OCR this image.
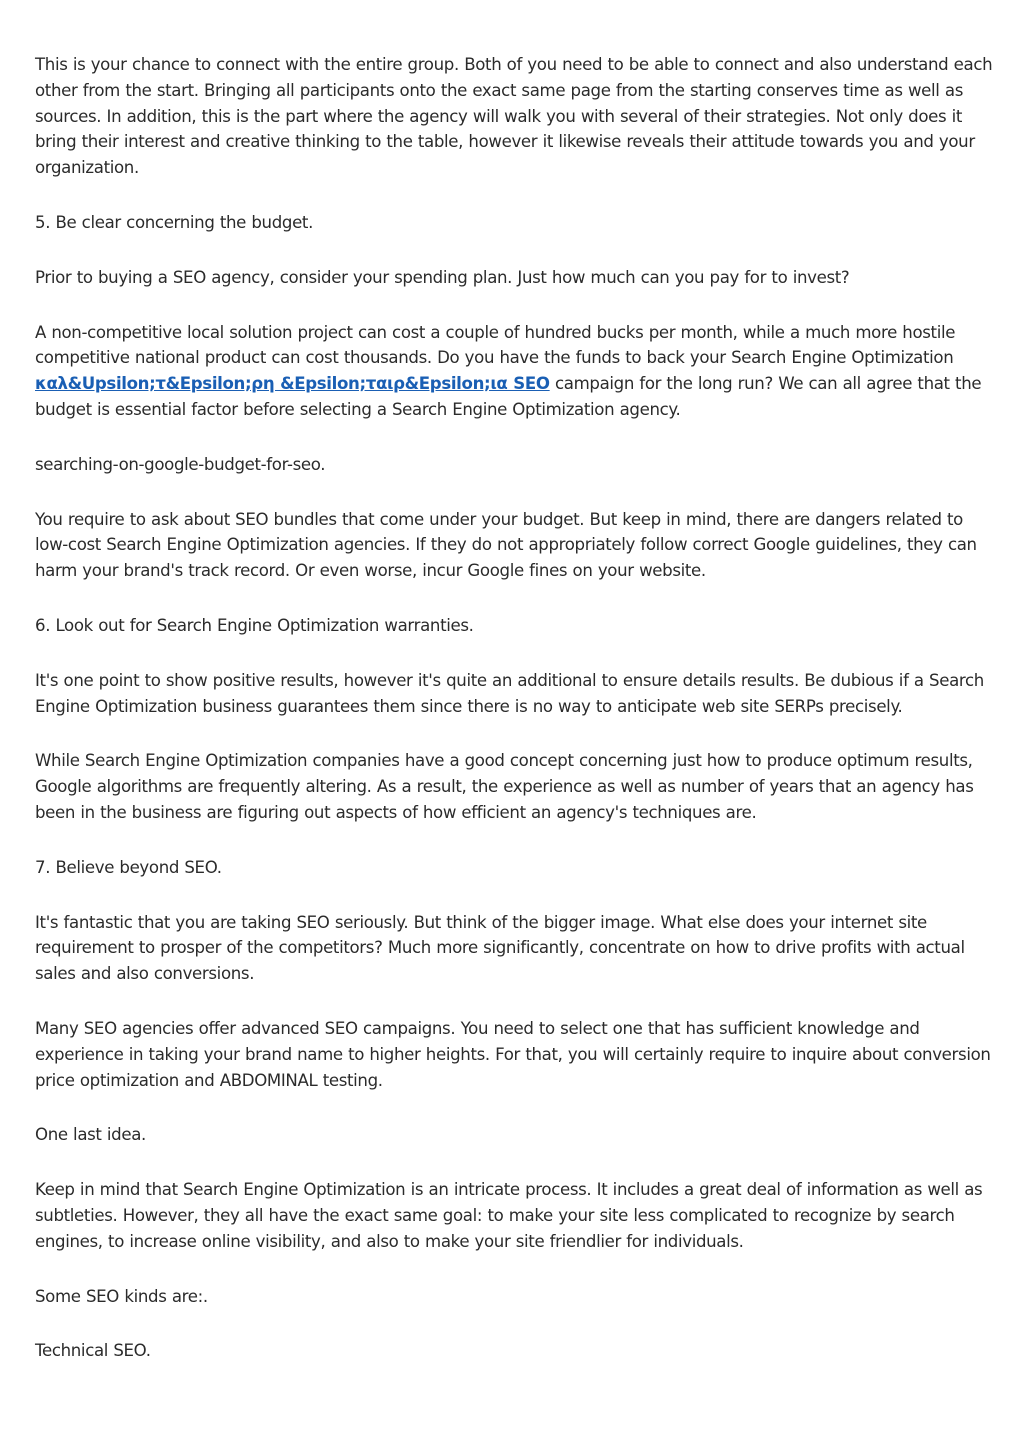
This is your chance to connect with the entire group. Both of you need to be able to connect and also understand each other from the start. Bringing all participants onto the exact same page from the starting conserves time as well as sources. In addition, this is the part where the agency will walk you with several of their strategies. Not only does it bring their interest and creative thinking to the table, however it likewise reveals their attitude towards you and your organization.

5. Be clear concerning the budget.

Prior to buying a SEO agency, consider your spending plan. Just how much can you pay for to invest?

A non-competitive local solution project can cost a couple of hundred bucks per month, while a much more hostile competitive national product can cost thousands. Do you have the funds to back your Search Engine Optimization καλ&Upsilon;τ&Epsilon;ρη &Epsilon;ταιρ&Epsilon;ια SEO campaign for the long run? We can all agree that the budget is essential factor before selecting a Search Engine Optimization agency.

searching-on-google-budget-for-seo.

You require to ask about SEO bundles that come under your budget. But keep in mind, there are dangers related to low-cost Search Engine Optimization agencies. If they do not appropriately follow correct Google guidelines, they can harm your brand's track record. Or even worse, incur Google fines on your website.

6. Look out for Search Engine Optimization warranties.

It's one point to show positive results, however it's quite an additional to ensure details results. Be dubious if a Search Engine Optimization business guarantees them since there is no way to anticipate web site SERPs precisely.

While Search Engine Optimization companies have a good concept concerning just how to produce optimum results, Google algorithms are frequently altering. As a result, the experience as well as number of years that an agency has been in the business are figuring out aspects of how efficient an agency's techniques are.

7. Believe beyond SEO.

It's fantastic that you are taking SEO seriously. But think of the bigger image. What else does your internet site requirement to prosper of the competitors? Much more significantly, concentrate on how to drive profits with actual sales and also conversions.

Many SEO agencies offer advanced SEO campaigns. You need to select one that has sufficient knowledge and experience in taking your brand name to higher heights. For that, you will certainly require to inquire about conversion price optimization and ABDOMINAL testing.

One last idea.

Keep in mind that Search Engine Optimization is an intricate process. It includes a great deal of information as well as subtleties. However, they all have the exact same goal: to make your site less complicated to recognize by search engines, to increase online visibility, and also to make your site friendlier for individuals.

Some SEO kinds are:.

Technical SEO.
